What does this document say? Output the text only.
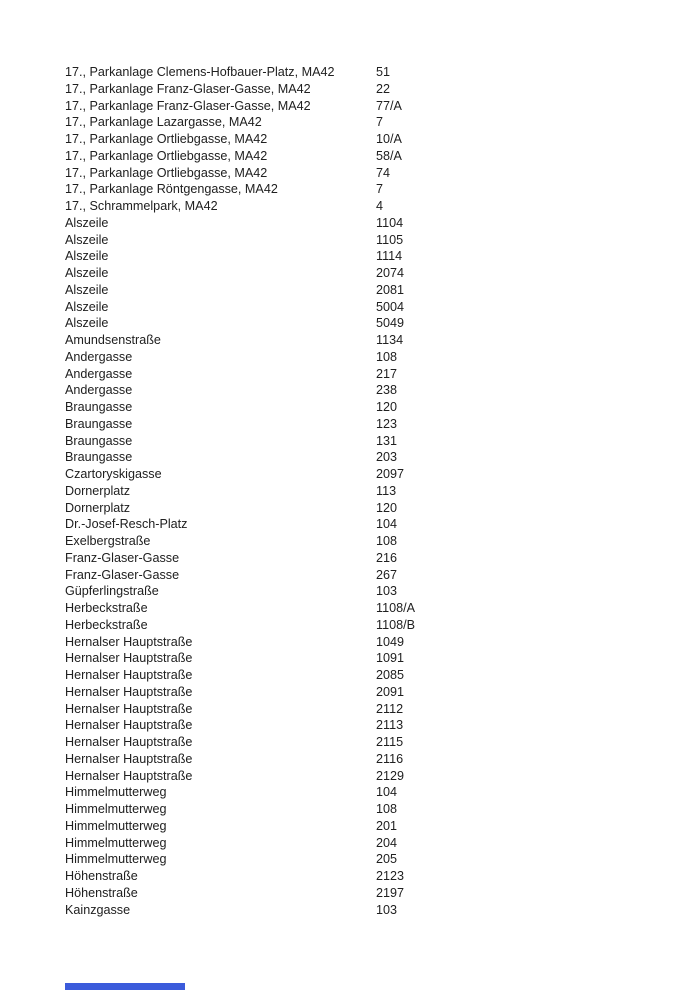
17., Parkanlage Clemens-Hofbauer-Platz, MA42	51
17., Parkanlage Franz-Glaser-Gasse, MA42	22
17., Parkanlage Franz-Glaser-Gasse, MA42	77/A
17., Parkanlage Lazargasse, MA42	7
17., Parkanlage Ortliebgasse, MA42	10/A
17., Parkanlage Ortliebgasse, MA42	58/A
17., Parkanlage Ortliebgasse, MA42	74
17., Parkanlage Röntgengasse, MA42	7
17., Schrammelpark, MA42	4
Alszeile	1104
Alszeile	1105
Alszeile	1114
Alszeile	2074
Alszeile	2081
Alszeile	5004
Alszeile	5049
Amundsenstraße	1134
Andergasse	108
Andergasse	217
Andergasse	238
Braungasse	120
Braungasse	123
Braungasse	131
Braungasse	203
Czartoryskigasse	2097
Dornerplatz	113
Dornerplatz	120
Dr.-Josef-Resch-Platz	104
Exelbergstraße	108
Franz-Glaser-Gasse	216
Franz-Glaser-Gasse	267
Güpferlingstraße	103
Herbeckstraße	1108/A
Herbeckstraße	1108/B
Hernalser Hauptstraße	1049
Hernalser Hauptstraße	1091
Hernalser Hauptstraße	2085
Hernalser Hauptstraße	2091
Hernalser Hauptstraße	2112
Hernalser Hauptstraße	2113
Hernalser Hauptstraße	2115
Hernalser Hauptstraße	2116
Hernalser Hauptstraße	2129
Himmelmutterweg	104
Himmelmutterweg	108
Himmelmutterweg	201
Himmelmutterweg	204
Himmelmutterweg	205
Höhenstraße	2123
Höhenstraße	2197
Kainzgasse	103
